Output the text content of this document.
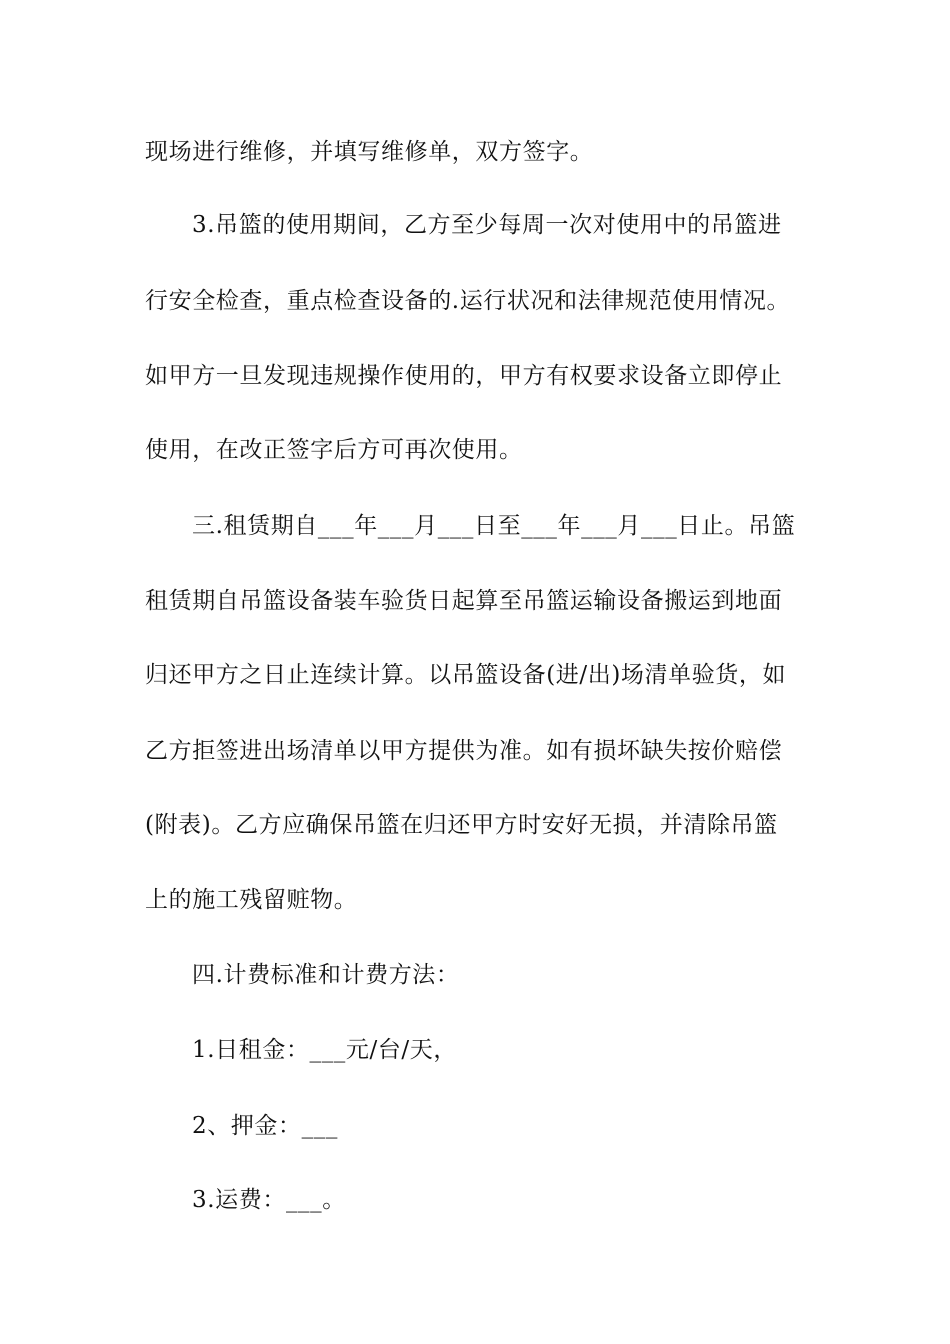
现场进行维修，并填写维修单，双方签字。
3.吊篮的使用期间，乙方至少每周一次对使用中的吊篮进
行安全检查，重点检查设备的.运行状况和法律规范使用情况。
如甲方一旦发现违规操作使用的，甲方有权要求设备立即停止
使用，在改正签字后方可再次使用。
三.租赁期自___年___月___日至___年___月___日止。吊篮
租赁期自吊篮设备装车验货日起算至吊篮运输设备搬运到地面
归还甲方之日止连续计算。以吊篮设备(进/出)场清单验货，如
乙方拒签进出场清单以甲方提供为准。如有损坏缺失按价赔偿
(附表)。乙方应确保吊篮在归还甲方时安好无损，并清除吊篮
上的施工残留赃物。
四.计费标准和计费方法：
1.日租金：___元/台/天，
2、押金：___
3.运费：___。
